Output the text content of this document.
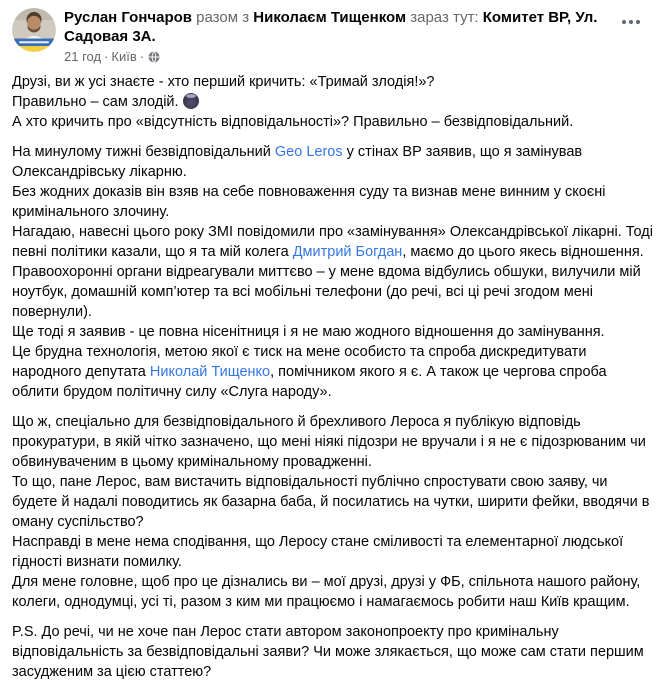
Руслан Гончаров разом з Николаєм Тищенком зараз тут: Комитет ВР, Ул. Садовая 3А.
21 год · Київ ·
Друзі, ви ж усі знаєте - хто перший кричить: «Тримай злодія!»?
Правильно – сам злодій.
А хто кричить про «відсутність відповідальності»? Правильно – безвідповідальний.
На минулому тижні безвідповідальний Geo Leros у стінах ВР заявив, що я замінував Олександрівську лікарню.
Без жодних доказів він взяв на себе повноваження суду та визнав мене винним у скоєні кримінального злочину.
Нагадаю, навесні цього року ЗМІ повідомили про «замінування» Олександрівської лікарні. Тоді певні політики казали, що я та мій колега Дмитрий Богдан, маємо до цього якесь відношення. Правоохоронні органи відреагували миттєво – у мене вдома відбулись обшуки, вилучили мій ноутбук, домашній комп’ютер та всі мобільні телефони (до речі, всі ці речі згодом мені повернули).
Ще тоді я заявив - це повна нісенітниця і я не маю жодного відношення до замінування.
Це брудна технологія, метою якої є тиск на мене особисто та спроба дискредитувати народного депутата Николай Тищенко, помічником якого я є. А також це чергова спроба облити брудом політичну силу «Слуга народу».
Що ж, спеціально для безвідповідального й брехливого Лероса я публікую відповідь прокуратури, в якій чітко зазначено, що мені ніякі підозри не вручали і я не є підозрюваним чи обвинуваченим в цьому кримінальному провадженні.
То що, пане Лерос, вам вистачить відповідальності публічно спростувати свою заяву, чи будете й надалі поводитись як базарна баба, й посилатись на чутки, ширити фейки, вводячи в оману суспільство?
Насправді в мене нема сподівання, що Леросу стане сміливості та елементарної людської гідності визнати помилку.
Для мене головне, щоб про це дізнались ви – мої друзі, друзі у ФБ, спільнота нашого району, колеги, однодумці, усі ті, разом з ким ми працюємо і намагаємось робити наш Київ кращим.
P.S. До речі, чи не хоче пан Лерос стати автором законопроекту про кримінальну відповідальність за безвідповідальні заяви? Чи може злякається, що може сам стати першим засудженим за цією статтею?
